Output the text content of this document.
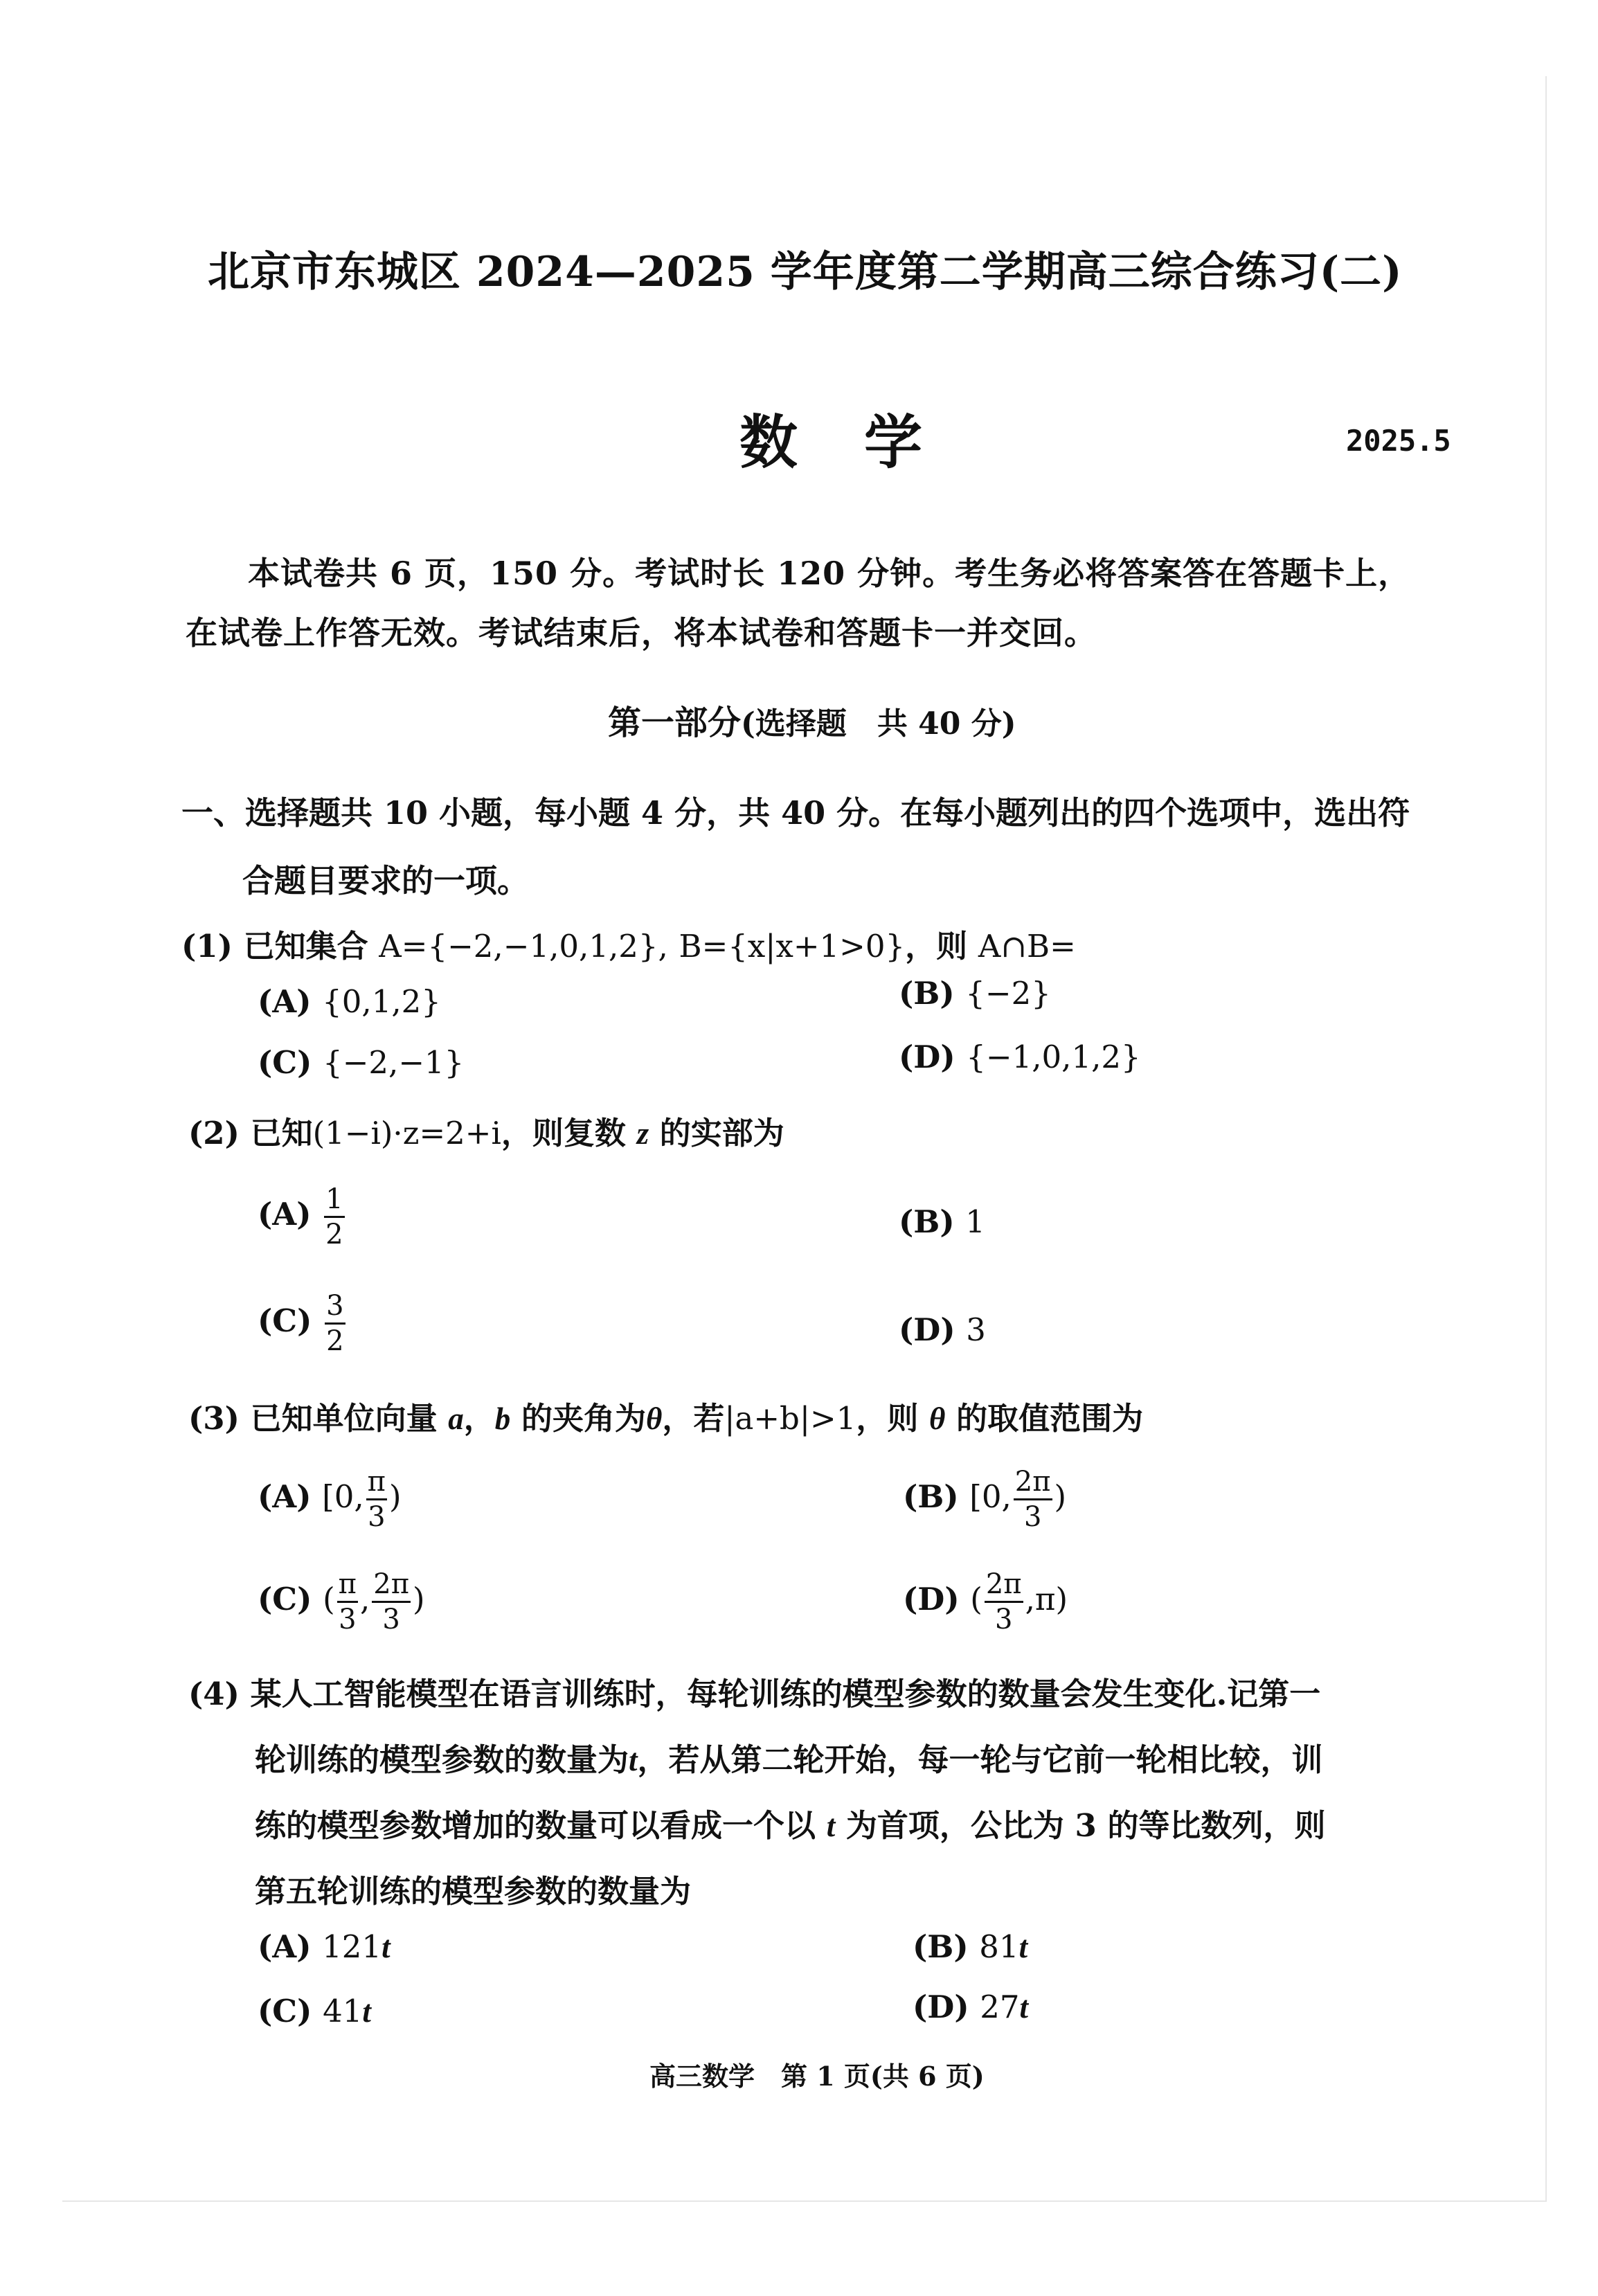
北京市东城区 2024—2025 学年度第二学期高三综合练习(二)
数 学	2025.5
本试卷共 6 页，150 分。考试时长 120 分钟。考生务必将答案答在答题卡上，
在试卷上作答无效。考试结束后，将本试卷和答题卡一并交回。
第一部分(选择题 共 40 分)
一、选择题共 10 小题，每小题 4 分，共 40 分。在每小题列出的四个选项中，选出符
合题目要求的一项。
(1) 已知集合 A={−2,−1,0,1,2}, B={x|x+1>0}，则 A∩B=
(A) {0,1,2}	(B) {−2}
(C) {−2,−1}	(D) {−1,0,1,2}
(2) 已知(1−i)·z=2+i，则复数 z 的实部为
$(A) \frac{1}{2}$	(B) 1
$(C) \frac{3}{2}$	(D) 3
(3) 已知单位向量 a，b 的夹角为θ，若|a+b|>1，则 θ 的取值范围为
(A) [0, $\frac{\pi}{3}$ )	(B) [0, $\frac{2\pi}{3}$ )
(C) ( $\frac{\pi}{3}$ , $\frac{2\pi}{3}$ )	(D) ( $\frac{2\pi}{3} ,\pi$)
(4) 某人工智能模型在语言训练时，每轮训练的模型参数的数量会发生变化.记第一
轮训练的模型参数的数量为t，若从第二轮开始，每一轮与它前一轮相比较，训
练的模型参数增加的数量可以看成一个以 t 为首项，公比为 3 的等比数列，则
第五轮训练的模型参数的数量为
(A) 121t	(B) 81t
(C) 41t	(D) 27t
高三数学　第 1 页(共 6 页)
